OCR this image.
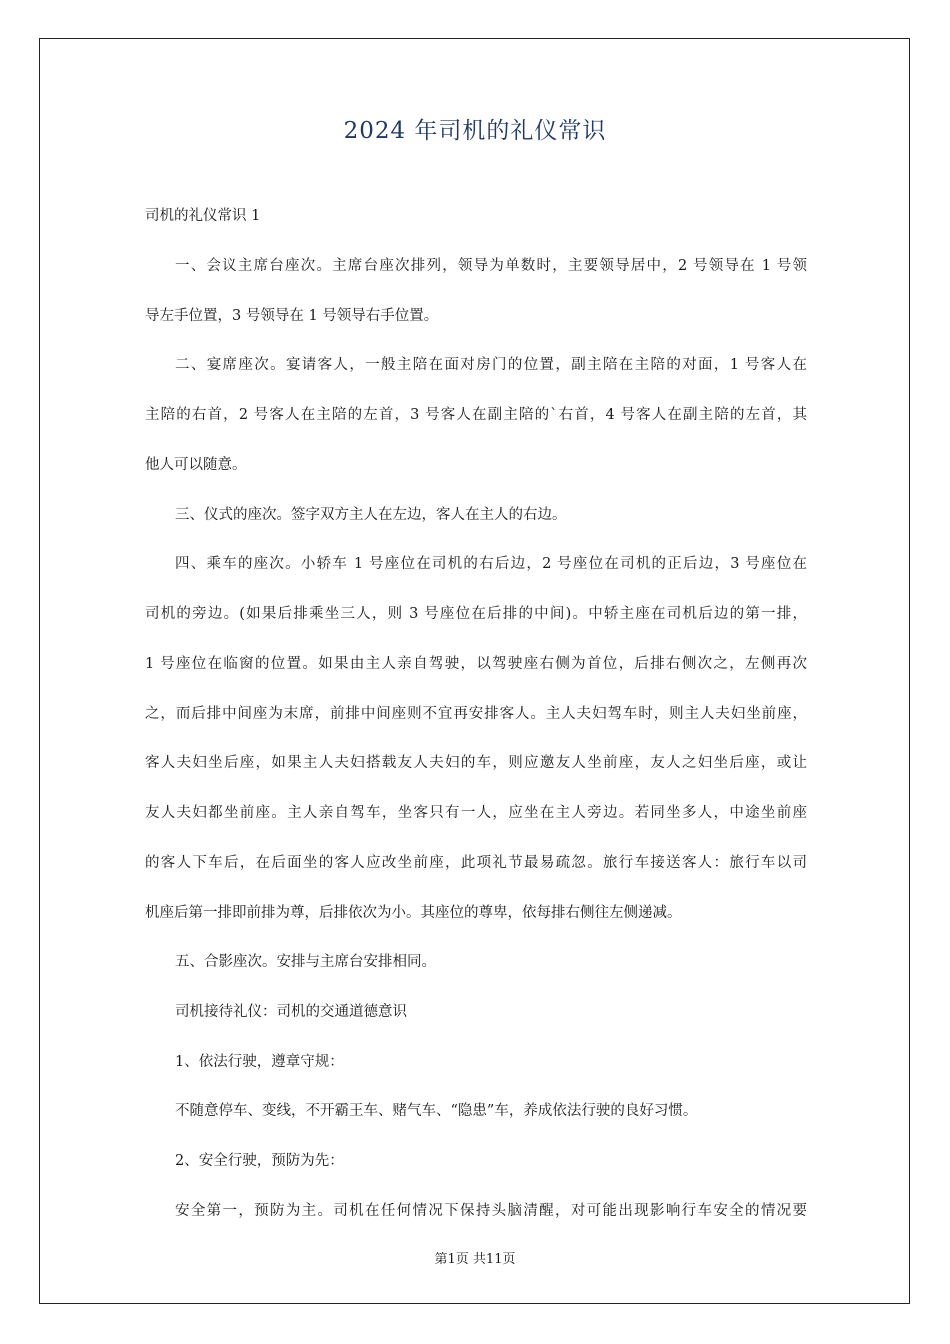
2024 年司机的礼仪常识
司机的礼仪常识 1
一、会议主席台座次。主席台座次排列，领导为单数时，主要领导居中，2 号领导在 1 号领
导左手位置，3 号领导在 1 号领导右手位置。
二、宴席座次。宴请客人，一般主陪在面对房门的位置，副主陪在主陪的对面，1 号客人在
主陪的右首，2 号客人在主陪的左首，3 号客人在副主陪的`右首，4 号客人在副主陪的左首，其
他人可以随意。
三、仪式的座次。签字双方主人在左边，客人在主人的右边。
四、乘车的座次。小轿车 1 号座位在司机的右后边，2 号座位在司机的正后边，3 号座位在
司机的旁边。(如果后排乘坐三人，则 3 号座位在后排的中间)。中轿主座在司机后边的第一排，
1 号座位在临窗的位置。如果由主人亲自驾驶，以驾驶座右侧为首位，后排右侧次之，左侧再次
之，而后排中间座为末席，前排中间座则不宜再安排客人。主人夫妇驾车时，则主人夫妇坐前座，
客人夫妇坐后座，如果主人夫妇搭载友人夫妇的车，则应邀友人坐前座，友人之妇坐后座，或让
友人夫妇都坐前座。主人亲自驾车，坐客只有一人，应坐在主人旁边。若同坐多人，中途坐前座
的客人下车后，在后面坐的客人应改坐前座，此项礼节最易疏忽。旅行车接送客人：旅行车以司
机座后第一排即前排为尊，后排依次为小。其座位的尊卑，依每排右侧往左侧递减。
五、合影座次。安排与主席台安排相同。
司机接待礼仪：司机的交通道德意识
1、依法行驶，遵章守规：
不随意停车、变线，不开霸王车、赌气车、“隐患”车，养成依法行驶的良好习惯。
2、安全行驶，预防为先：
安全第一，预防为主。司机在任何情况下保持头脑清醒，对可能出现影响行车安全的情况要
第1页 共11页
